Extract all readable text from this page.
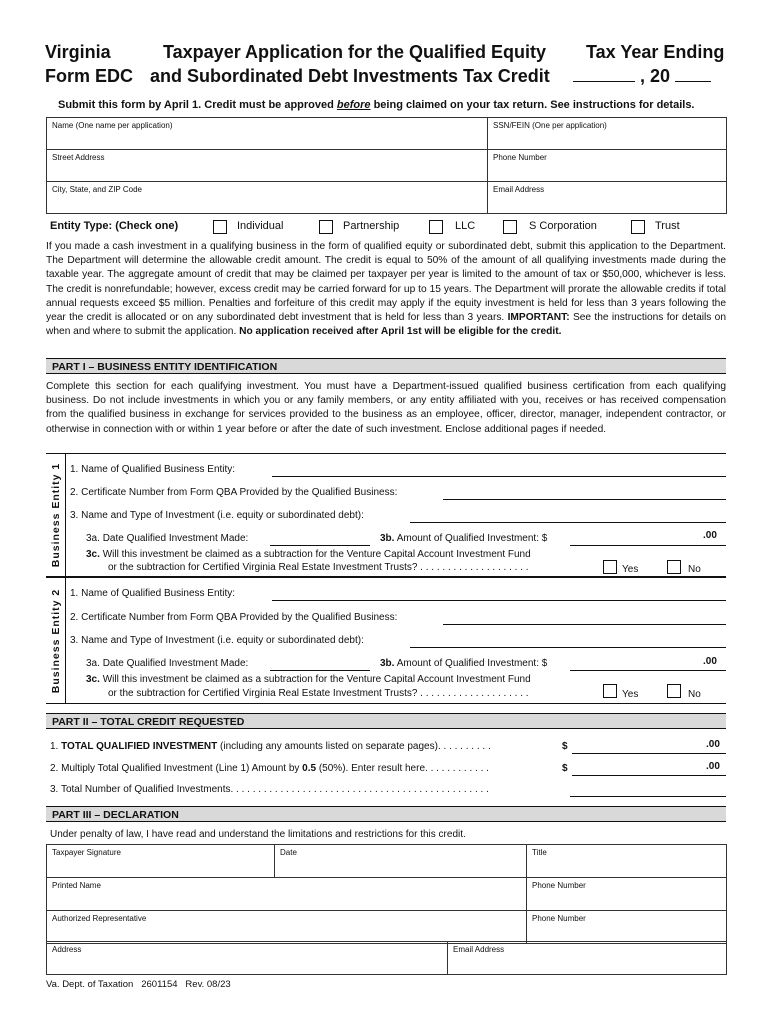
Virginia
Form EDC
Taxpayer Application for the Qualified Equity
and Subordinated Debt Investments Tax Credit
Tax Year Ending
, 20
Submit this form by April 1. Credit must be approved before being claimed on your tax return. See instructions for details.
Name (One name per application)	SSN/FEIN (One per application)
Street Address	Phone Number
City, State, and ZIP Code	Email Address
Entity Type: (Check one)	Individual	Partnership	LLC	S Corporation	Trust
If you made a cash investment in a qualifying business in the form of qualified equity or subordinated debt, submit this application to the Department. The Department will determine the allowable credit amount. The credit is equal to 50% of the amount of all qualifying investments made during the taxable year. The aggregate amount of credit that may be claimed per taxpayer per year is limited to the amount of tax or $50,000, whichever is less. The credit is nonrefundable; however, excess credit may be carried forward for up to 15 years. The Department will prorate the allowable credits if total annual requests exceed $5 million. Penalties and forfeiture of this credit may apply if the equity investment is held for less than 3 years following the year the credit is allocated or on any subordinated debt investment that is held for less than 3 years. IMPORTANT: See the instructions for details on when and where to submit the application. No application received after April 1st will be eligible for the credit.
PART I – BUSINESS ENTITY IDENTIFICATION
Complete this section for each qualifying investment. You must have a Department-issued qualified business certification from each qualifying business. Do not include investments in which you or any family members, or any entity affiliated with you, receives or has received compensation from the qualified business in exchange for services provided to the business as an employee, officer, director, manager, independent contractor, or otherwise in connection with or within 1 year before or after the date of such investment. Enclose additional pages if needed.
Business Entity 1 1. Name of Qualified Business Entity:
2. Certificate Number from Form QBA Provided by the Qualified Business:
3. Name and Type of Investment (i.e. equity or subordinated debt):
3a. Date Qualified Investment Made:	3b. Amount of Qualified Investment: $	.00
3c. Will this investment be claimed as a subtraction for the Venture Capital Account Investment Fund
or the subtraction for Certified Virginia Real Estate Investment Trusts? . . . . . . . . . . . . . . . . . . . .	Yes	No
Business Entity 2 1. Name of Qualified Business Entity:
2. Certificate Number from Form QBA Provided by the Qualified Business:
3. Name and Type of Investment (i.e. equity or subordinated debt):
3a. Date Qualified Investment Made:	3b. Amount of Qualified Investment: $	.00
3c. Will this investment be claimed as a subtraction for the Venture Capital Account Investment Fund
or the subtraction for Certified Virginia Real Estate Investment Trusts? . . . . . . . . . . . . . . . . . . . .	Yes	No
PART II – TOTAL CREDIT REQUESTED
1. TOTAL QUALIFIED INVESTMENT (including any amounts listed on separate pages). . . . . . . . . .	$	.00
2. Multiply Total Qualified Investment (Line 1) Amount by 0.5 (50%). Enter result here. . . . . . . . . . . .	$	.00
3. Total Number of Qualified Investments. . . . . . . . . . . . . . . . . . . . . . . . . . . . . . . . . . . . . . . . . . . . . . .
PART III – DECLARATION
Under penalty of law, I have read and understand the limitations and restrictions for this credit.
Taxpayer Signature	Date	Title
Printed Name		Phone Number
Authorized Representative		Phone Number
Address	Email Address
Va. Dept. of Taxation   2601154   Rev. 08/23
